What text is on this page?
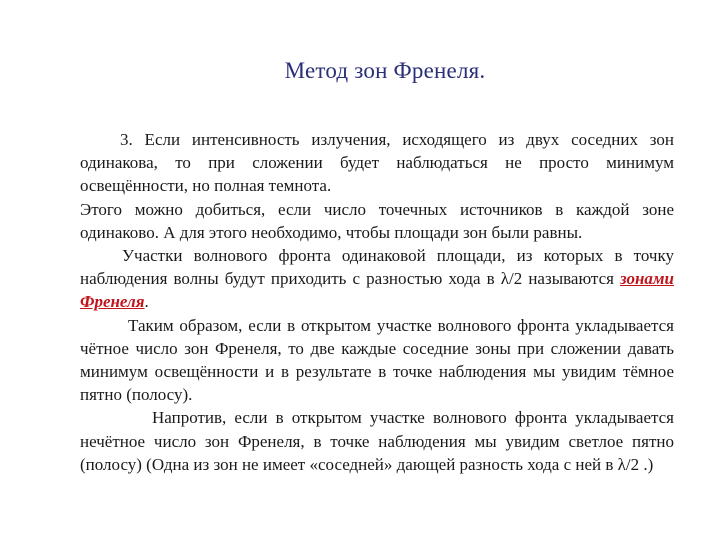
Метод зон Френеля.

3. Если интенсивность излучения, исходящего из двух соседних зон одинакова, то при сложении будет наблюдаться не просто минимум освещённости, но полная темнота.

Этого можно добиться, если число точечных источников в каждой зоне одинаково. А для этого необходимо, чтобы площади зон были равны.

Участки волнового фронта одинаковой площади, из которых в точку наблюдения волны будут приходить с разностью хода в λ/2 называются зонами Френеля.

Таким образом, если в открытом участке волнового фронта укладывается чётное число зон Френеля, то две каждые соседние зоны при сложении давать минимум освещённости и в результате в точке наблюдения мы увидим тёмное пятно (полосу).

Напротив, если в открытом участке волнового фронта укладывается нечётное число зон Френеля, в точке наблюдения мы увидим светлое пятно (полосу) (Одна из зон не имеет «соседней» дающей разность хода с ней в λ/2 .)
